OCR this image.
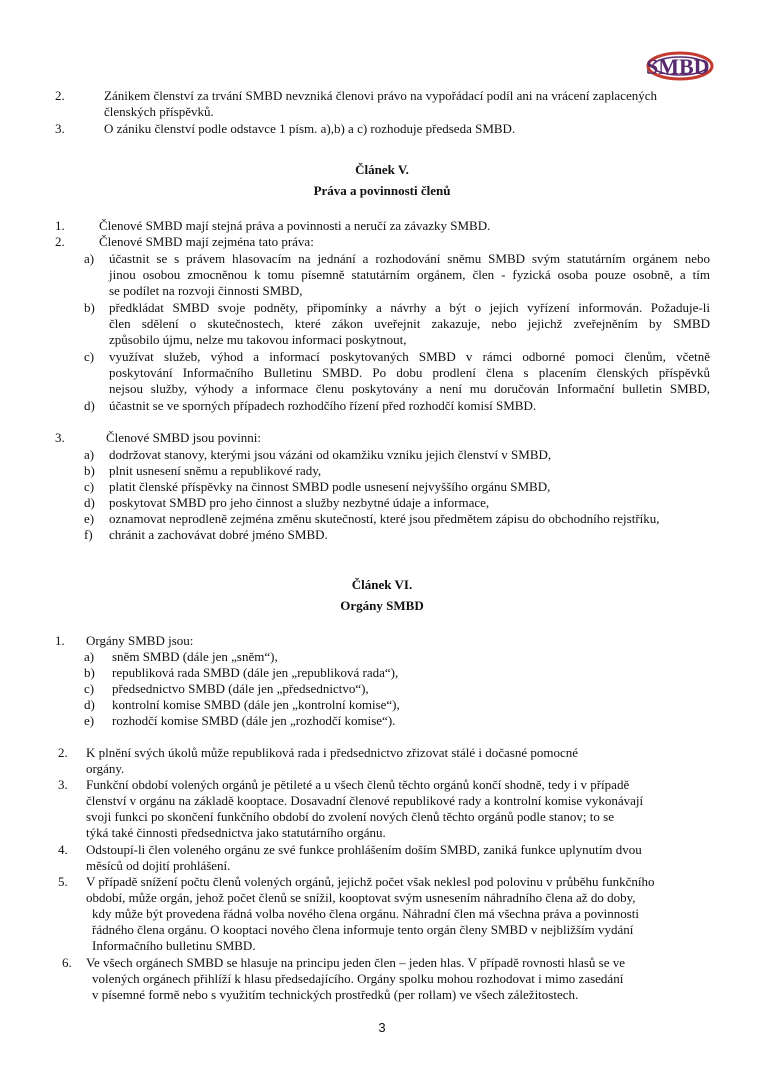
SMBD
2.	Zánikem členství za trvání SMBD nevzniká členovi právo na vypořádací podíl ani na vrácení zaplacených
členských příspěvků.
3.	O zániku členství podle odstavce 1 písm. a),b) a c) rozhoduje předseda SMBD.
Článek V.
Práva a povinnosti členů
1.	Členové SMBD mají stejná práva a povinnosti a neručí za závazky SMBD.
2.	Členové SMBD mají zejména tato práva:
a) účastnit se s právem hlasovacím na jednání a rozhodování sněmu SMBD svým statutárním orgánem nebo
jinou osobou zmocněnou k tomu písemně statutárním orgánem, člen - fyzická osoba pouze osobně, a tím
se podílet na rozvoji činnosti SMBD,
b) předkládat SMBD svoje podněty, připomínky a návrhy a být o jejich vyřízení informován. Požaduje-li
člen sdělení o skutečnostech, které zákon uveřejnit zakazuje, nebo jejichž zveřejněním by SMBD
způsobilo újmu, nelze mu takovou informaci poskytnout,
c) využívat služeb, výhod a informací poskytovaných SMBD v rámci odborné pomoci členům, včetně
poskytování Informačního Bulletinu SMBD. Po dobu prodlení člena s placením členských příspěvků
nejsou služby, výhody a informace členu poskytovány a není mu doručován Informační bulletin SMBD,
d) účastnit se ve sporných případech rozhodčího řízení před rozhodčí komisí SMBD.
3.	Členové SMBD jsou povinni:
a) dodržovat stanovy, kterými jsou vázáni od okamžiku vzniku jejich členství v SMBD,
b) plnit usnesení sněmu a republikové rady,
c) platit členské příspěvky na činnost SMBD podle usnesení nejvyššího orgánu SMBD,
d) poskytovat SMBD pro jeho činnost a služby nezbytné údaje a informace,
e) oznamovat neprodleně zejména změnu skutečností, které jsou předmětem zápisu do obchodního rejstříku,
f) chránit a zachovávat dobré jméno SMBD.
Článek VI.
Orgány SMBD
1. Orgány SMBD jsou:
a) sněm SMBD (dále jen „sněm“),
b) republiková rada SMBD (dále jen „republiková rada“),
c) předsednictvo SMBD (dále jen „předsednictvo“),
d) kontrolní komise SMBD (dále jen „kontrolní komise“),
e) rozhodčí komise SMBD (dále jen „rozhodčí komise“).
2. K plnění svých úkolů může republiková rada i předsednictvo zřizovat stálé i dočasné pomocné
orgány.
3. Funkční období volených orgánů je pětileté a u všech členů těchto orgánů končí shodně, tedy i v případě
členství v orgánu na základě kooptace. Dosavadní členové republikové rady a kontrolní komise vykonávají
svoji funkci po skončení funkčního období do zvolení nových členů těchto orgánů podle stanov; to se
týká také činnosti předsednictva jako statutárního orgánu.
4. Odstoupí-li člen voleného orgánu ze své funkce prohlášením doším SMBD, zaniká funkce uplynutím dvou
měsíců od dojití prohlášení.
5. V případě snížení počtu členů volených orgánů, jejichž počet však neklesl pod polovinu v průběhu funkčního
období, může orgán, jehož počet členů se snížil, kooptovat svým usnesením náhradního člena až do doby,
kdy může být provedena řádná volba nového člena orgánu. Náhradní člen má všechna práva a povinnosti
řádného člena orgánu. O kooptaci nového člena informuje tento orgán členy SMBD v nejbližším vydání
Informačního bulletinu SMBD.
6. Ve všech orgánech SMBD se hlasuje na principu jeden člen – jeden hlas. V případě rovnosti hlasů se ve
volených orgánech přihlíží k hlasu předsedajícího. Orgány spolku mohou rozhodovat i mimo zasedání
v písemné formě nebo s využitím technických prostředků (per rollam) ve všech záležitostech.
3
